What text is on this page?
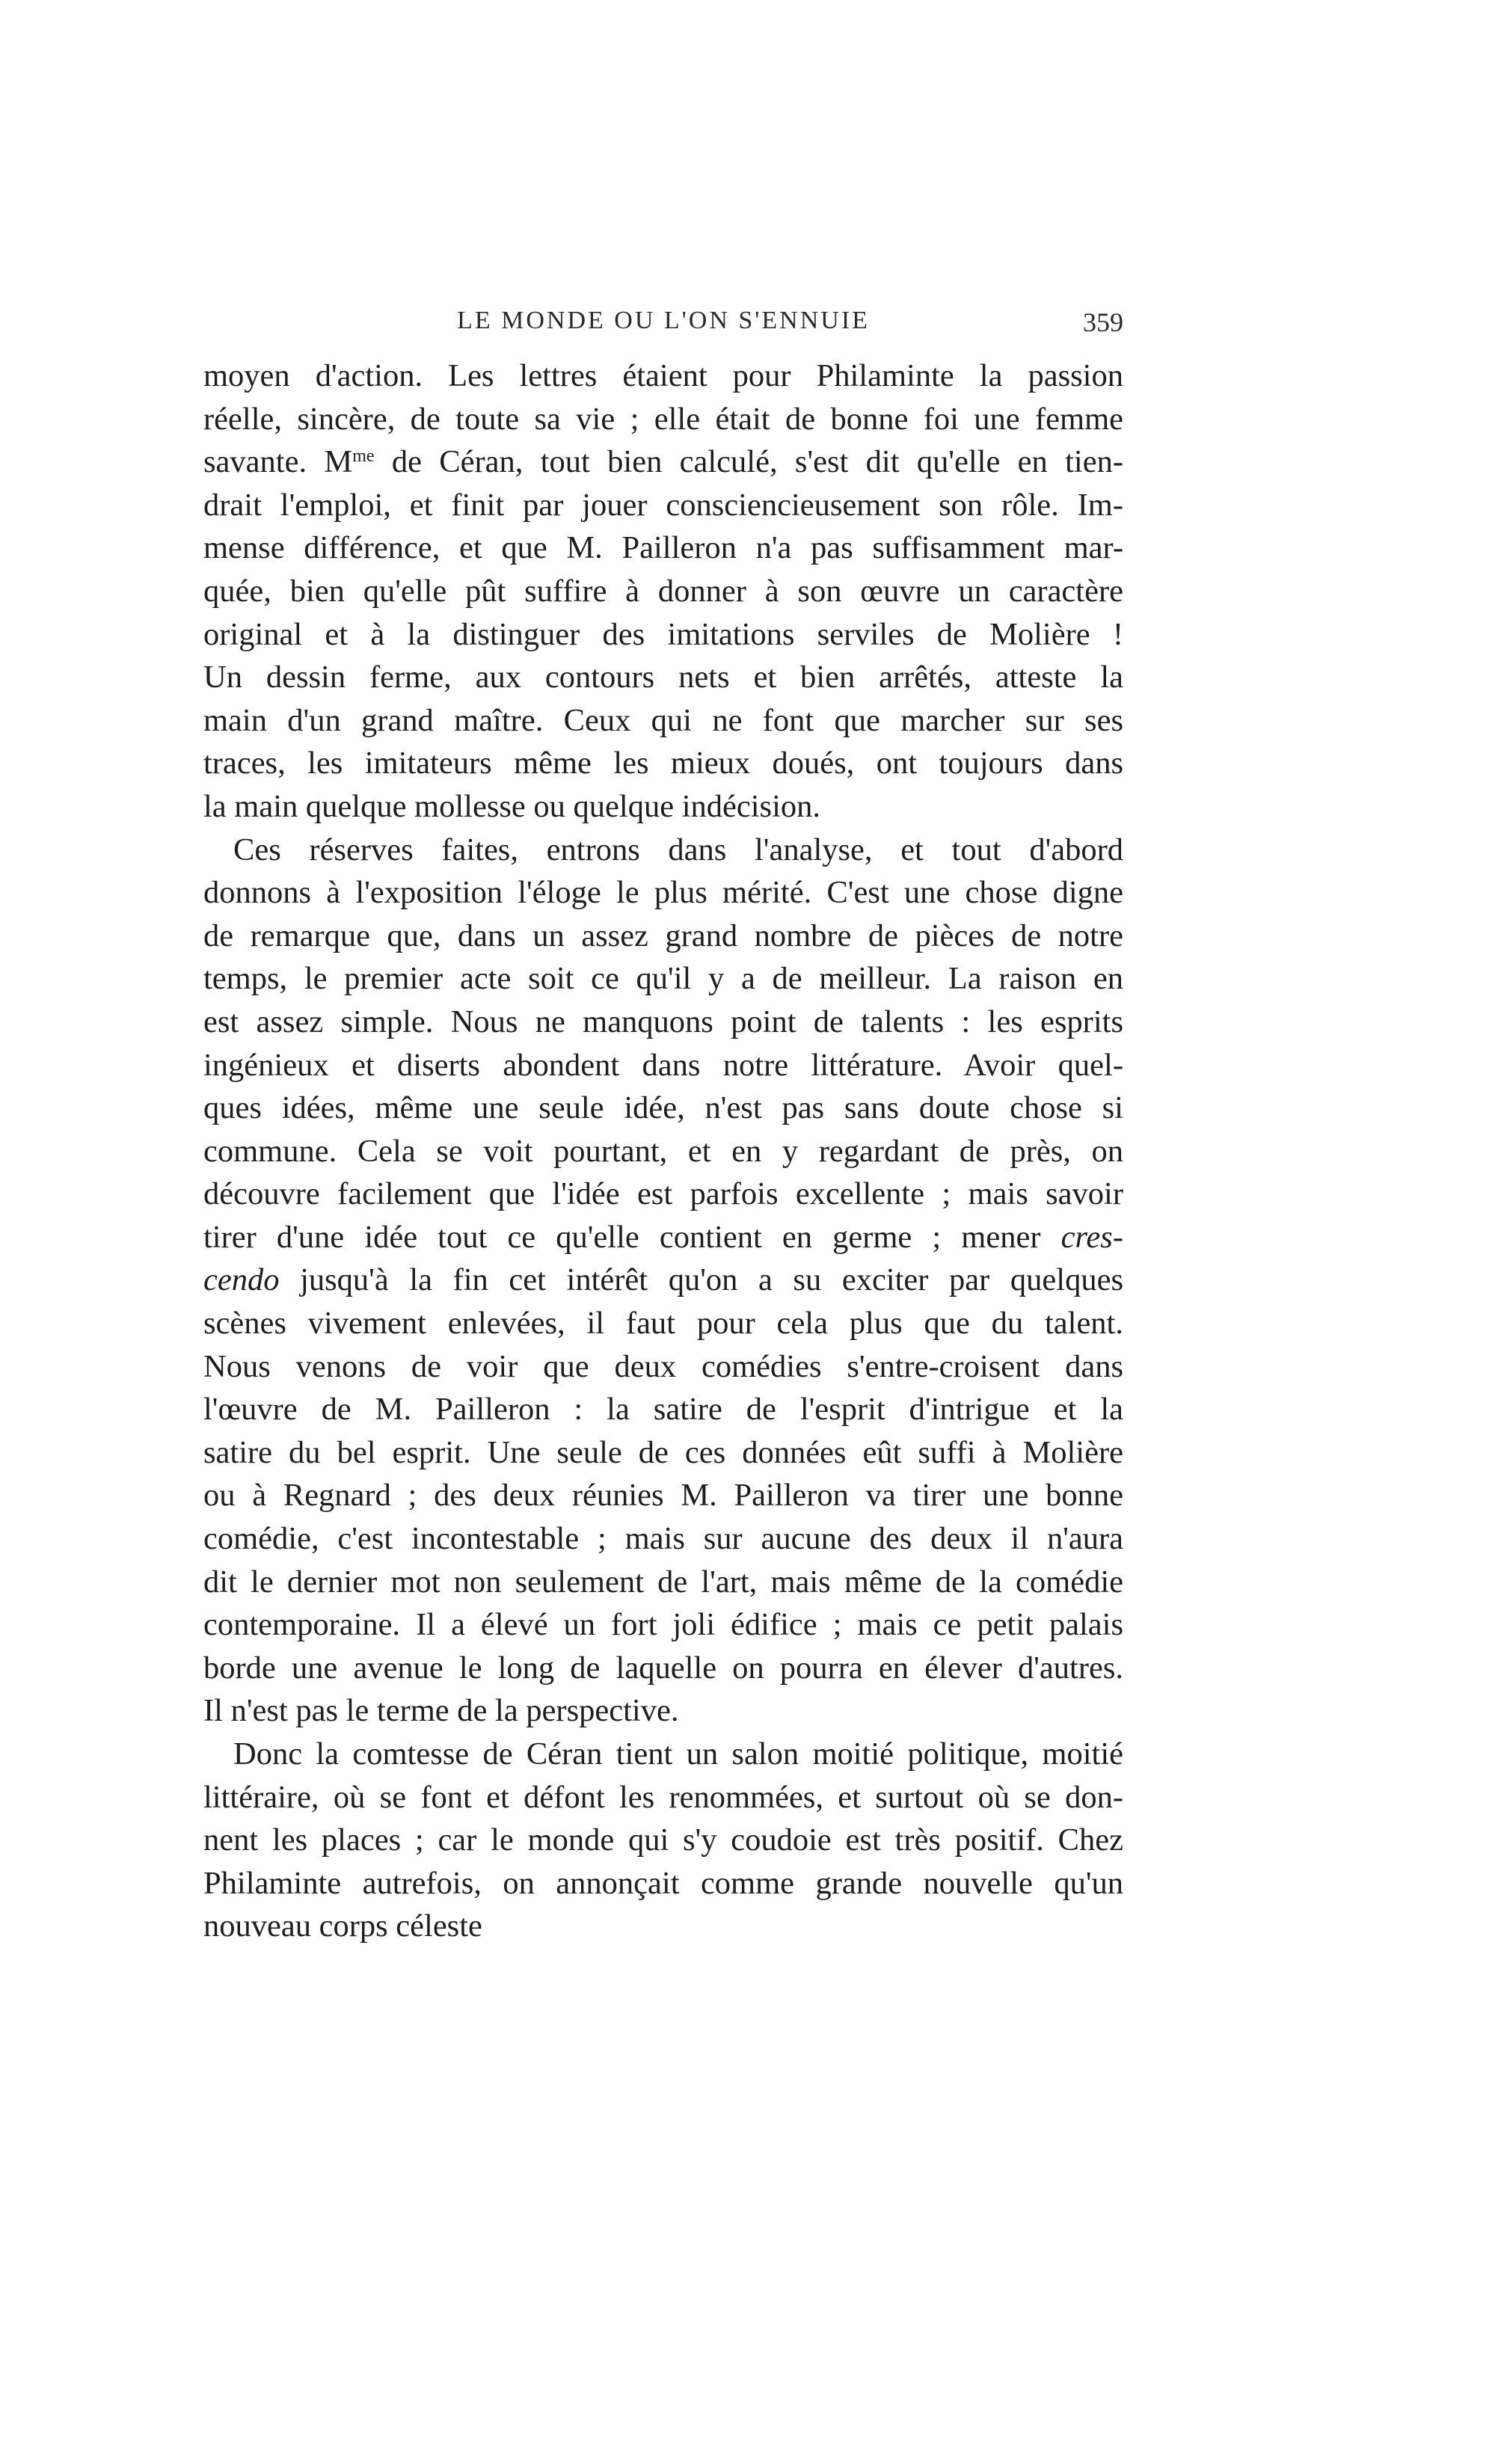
LE MONDE OU L'ON S'ENNUIE	359
moyen d'action. Les lettres étaient pour Philaminte la passion
réelle, sincère, de toute sa vie ; elle était de bonne foi une femme
savante. $M^{me}$ de Céran, tout bien calculé, s'est dit qu'elle en tien-
drait l'emploi, et finit par jouer consciencieusement son rôle. Im-
mense différence, et que M. Pailleron n'a pas suffisamment mar-
quée, bien qu'elle pût suffire à donner à son œuvre un caractère
original et à la distinguer des imitations serviles de Molière !
Un dessin ferme, aux contours nets et bien arrêtés, atteste la
main d'un grand maître. Ceux qui ne font que marcher sur ses
traces, les imitateurs même les mieux doués, ont toujours dans
la main quelque mollesse ou quelque indécision.
Ces réserves faites, entrons dans l'analyse, et tout d'abord
donnons à l'exposition l'éloge le plus mérité. C'est une chose digne
de remarque que, dans un assez grand nombre de pièces de notre
temps, le premier acte soit ce qu'il y a de meilleur. La raison en
est assez simple. Nous ne manquons point de talents : les esprits
ingénieux et diserts abondent dans notre littérature. Avoir quel-
ques idées, même une seule idée, n'est pas sans doute chose si
commune. Cela se voit pourtant, et en y regardant de près, on
découvre facilement que l'idée est parfois excellente ; mais savoir
tirer d'une idée tout ce qu'elle contient en germe ; mener cres-
cendo jusqu'à la fin cet intérêt qu'on a su exciter par quelques
scènes vivement enlevées, il faut pour cela plus que du talent.
Nous venons de voir que deux comédies s'entre-croisent dans
l'œuvre de M. Pailleron : la satire de l'esprit d'intrigue et la
satire du bel esprit. Une seule de ces données eût suffi à Molière
ou à Regnard ; des deux réunies M. Pailleron va tirer une bonne
comédie, c'est incontestable ; mais sur aucune des deux il n'aura
dit le dernier mot non seulement de l'art, mais même de la comédie
contemporaine. Il a élevé un fort joli édifice ; mais ce petit palais
borde une avenue le long de laquelle on pourra en élever d'autres.
Il n'est pas le terme de la perspective.
Donc la comtesse de Céran tient un salon moitié politique, moitié
littéraire, où se font et défont les renommées, et surtout où se don-
nent les places ; car le monde qui s'y coudoie est très positif. Chez
Philaminte autrefois, on annonçait comme grande nouvelle qu'un
nouveau corps céleste
